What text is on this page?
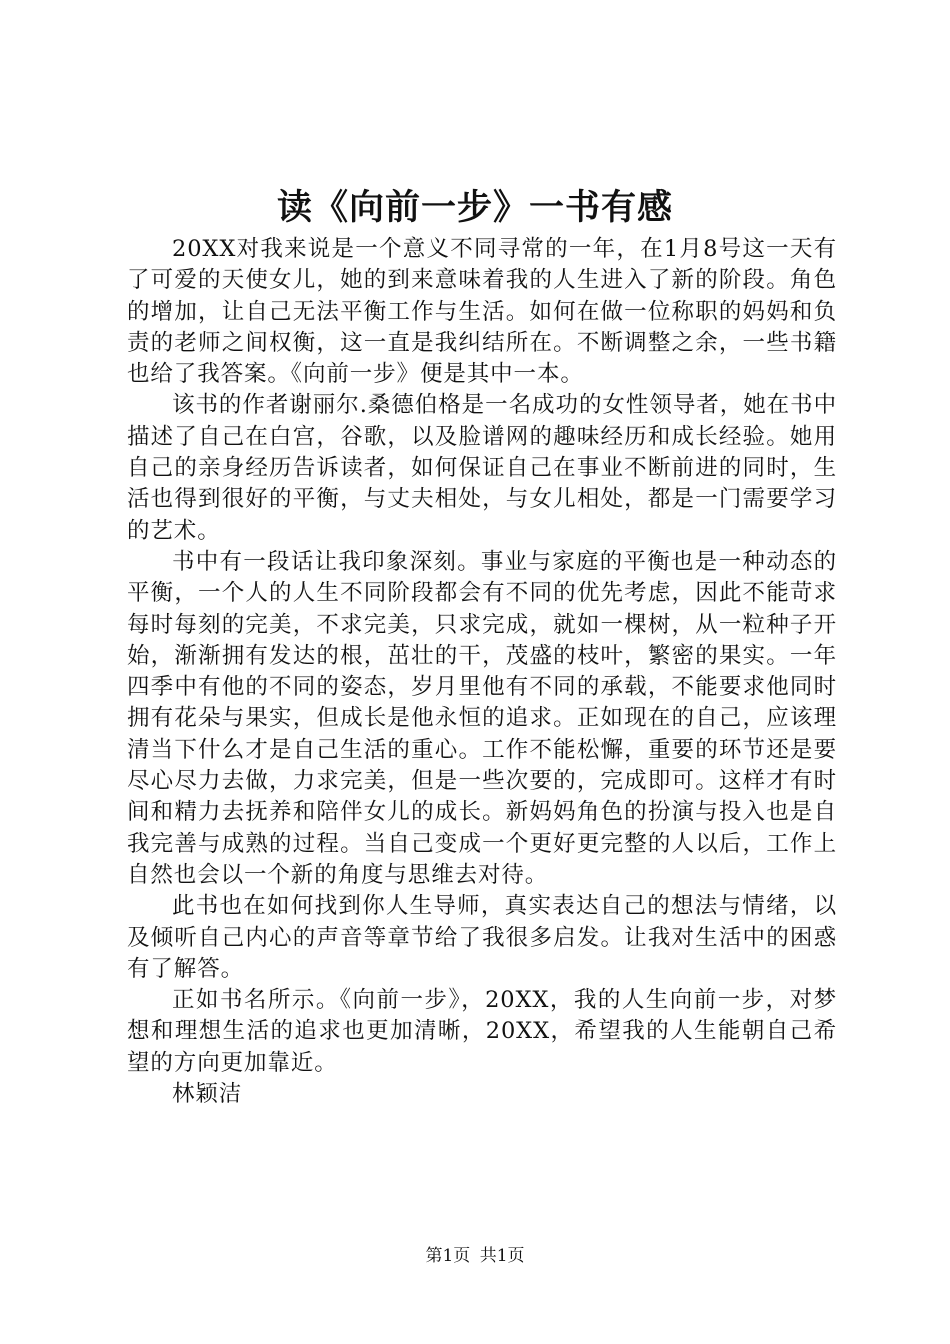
读《向前一步》一书有感

20XX对我来说是一个意义不同寻常的一年，在1月8号这一天有了可爱的天使女儿，她的到来意味着我的人生进入了新的阶段。角色的增加，让自己无法平衡工作与生活。如何在做一位称职的妈妈和负责的老师之间权衡，这一直是我纠结所在。不断调整之余，一些书籍也给了我答案。《向前一步》便是其中一本。

该书的作者谢丽尔.桑德伯格是一名成功的女性领导者，她在书中描述了自己在白宫，谷歌，以及脸谱网的趣味经历和成长经验。她用自己的亲身经历告诉读者，如何保证自己在事业不断前进的同时，生活也得到很好的平衡，与丈夫相处，与女儿相处，都是一门需要学习的艺术。

书中有一段话让我印象深刻。事业与家庭的平衡也是一种动态的平衡，一个人的人生不同阶段都会有不同的优先考虑，因此不能苛求每时每刻的完美，不求完美，只求完成，就如一棵树，从一粒种子开始，渐渐拥有发达的根，茁壮的干，茂盛的枝叶，繁密的果实。一年四季中有他的不同的姿态，岁月里他有不同的承载，不能要求他同时拥有花朵与果实，但成长是他永恒的追求。正如现在的自己，应该理清当下什么才是自己生活的重心。工作不能松懈，重要的环节还是要尽心尽力去做，力求完美，但是一些次要的，完成即可。这样才有时间和精力去抚养和陪伴女儿的成长。新妈妈角色的扮演与投入也是自我完善与成熟的过程。当自己变成一个更好更完整的人以后，工作上自然也会以一个新的角度与思维去对待。

此书也在如何找到你人生导师，真实表达自己的想法与情绪，以及倾听自己内心的声音等章节给了我很多启发。让我对生活中的困惑有了解答。

正如书名所示。《向前一步》，20XX，我的人生向前一步，对梦想和理想生活的追求也更加清晰，20XX，希望我的人生能朝自己希望的方向更加靠近。

林颖洁

第1页 共1页
